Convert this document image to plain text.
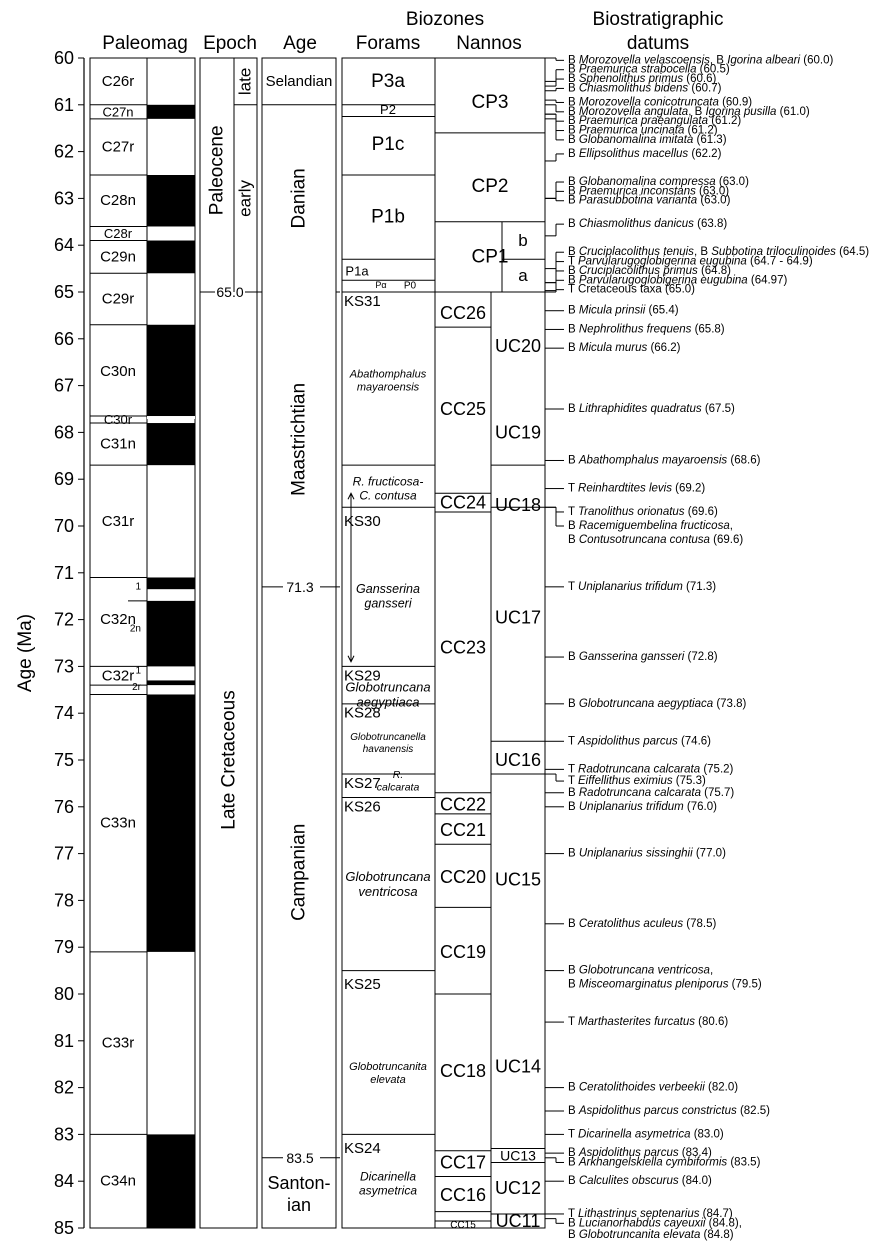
Biozones	Biostratigraphic
Paleomag Epoch Age Forams Nannos	datums
Age (Ma)
60
61
62
63
64
65
66
67
68
69
70
71
72
73
74
75
76
77
78
79
80
81
82
83
84
85
C26r
C27n
C27r
C28n
C28r
C29n
C29r
C30n
C30r
C31n
C31r
C32n
C32r
C33n
C33r
C34n
1
2n
1
2r
Paleocene
late
early
Late Cretaceous
65.0
71.3
83.5
Selandian
Danian
Maastrichtian
Campanian
Santon-
ian
P3a
P2
P1c
P1b
P1a
Pα P0
KS31
KS30
KS29
KS28
KS27
KS26
KS25
KS24
Abathomphalus
mayaroensis
R. fructicosa-
C. contusa
Gansserina
gansseri
Globotruncana
aegyptiaca
Globotruncanella
havanensis
R.
calcarata
Globotruncana
ventricosa
Globotruncanita
elevata
Dicarinella
asymetrica
CP3
CP2
CP1
b
a
CC26
CC25
CC24
CC23
CC22
CC21
CC20
CC19
CC18
CC17
CC16
CC15
UC20
UC19
UC18
UC17
UC16
UC15
UC14
UC13
UC12
UC11
B Morozovella velascoensis, B Igorina albeari (60.0)
B Praemurica strabocella (60.5)
B Sphenolithus primus (60.6)
B Chiasmolithus bidens (60.7)
B Morozovella conicotruncata (60.9)
B Morozovella angulata, B Igorina pusilla (61.0)
B Praemurica praeangulata (61.2)
B Praemurica uncinata (61.2)
B Globanomalina imitata (61.3)
B Ellipsolithus macellus (62.2)
B Globanomalina compressa (63.0)
B Praemurica inconstans (63.0)
B Parasubbotina varianta (63.0)
B Chiasmolithus danicus (63.8)
B Cruciplacolithus tenuis, B Subbotina triloculinoides (64.5)
T Parvularugoglobigerina eugubina (64.7 - 64.9)
B Cruciplacolithus primus (64.8)
B Parvularugoglobigerina eugubina (64.97)
T Cretaceous taxa (65.0)
B Micula prinsii (65.4)
B Nephrolithus frequens (65.8)
B Micula murus (66.2)
B Lithraphidites quadratus (67.5)
B Abathomphalus mayaroensis (68.6)
T Reinhardtites levis (69.2)
T Tranolithus orionatus (69.6)
B Racemiguembelina fructicosa,
B Contusotruncana contusa (69.6)
T Uniplanarius trifidum (71.3)
B Gansserina gansseri (72.8)
B Globotruncana aegyptiaca (73.8)
T Aspidolithus parcus (74.6)
T Radotruncana calcarata (75.2)
T Eiffellithus eximius (75.3)
B Radotruncana calcarata (75.7)
B Uniplanarius trifidum (76.0)
B Uniplanarius sissinghii (77.0)
B Ceratolithus aculeus (78.5)
B Globotruncana ventricosa,
B Misceomarginatus pleniporus (79.5)
T Marthasterites furcatus (80.6)
B Ceratolithoides verbeekii (82.0)
B Aspidolithus parcus constrictus (82.5)
T Dicarinella asymetrica (83.0)
B Aspidolithus parcus (83.4)
B Arkhangelskiella cymbiformis (83.5)
B Calculites obscurus (84.0)
T Lithastrinus septenarius (84.7)
B Lucianorhabdus cayeuxii (84.8),
B Globotruncanita elevata (84.8)
